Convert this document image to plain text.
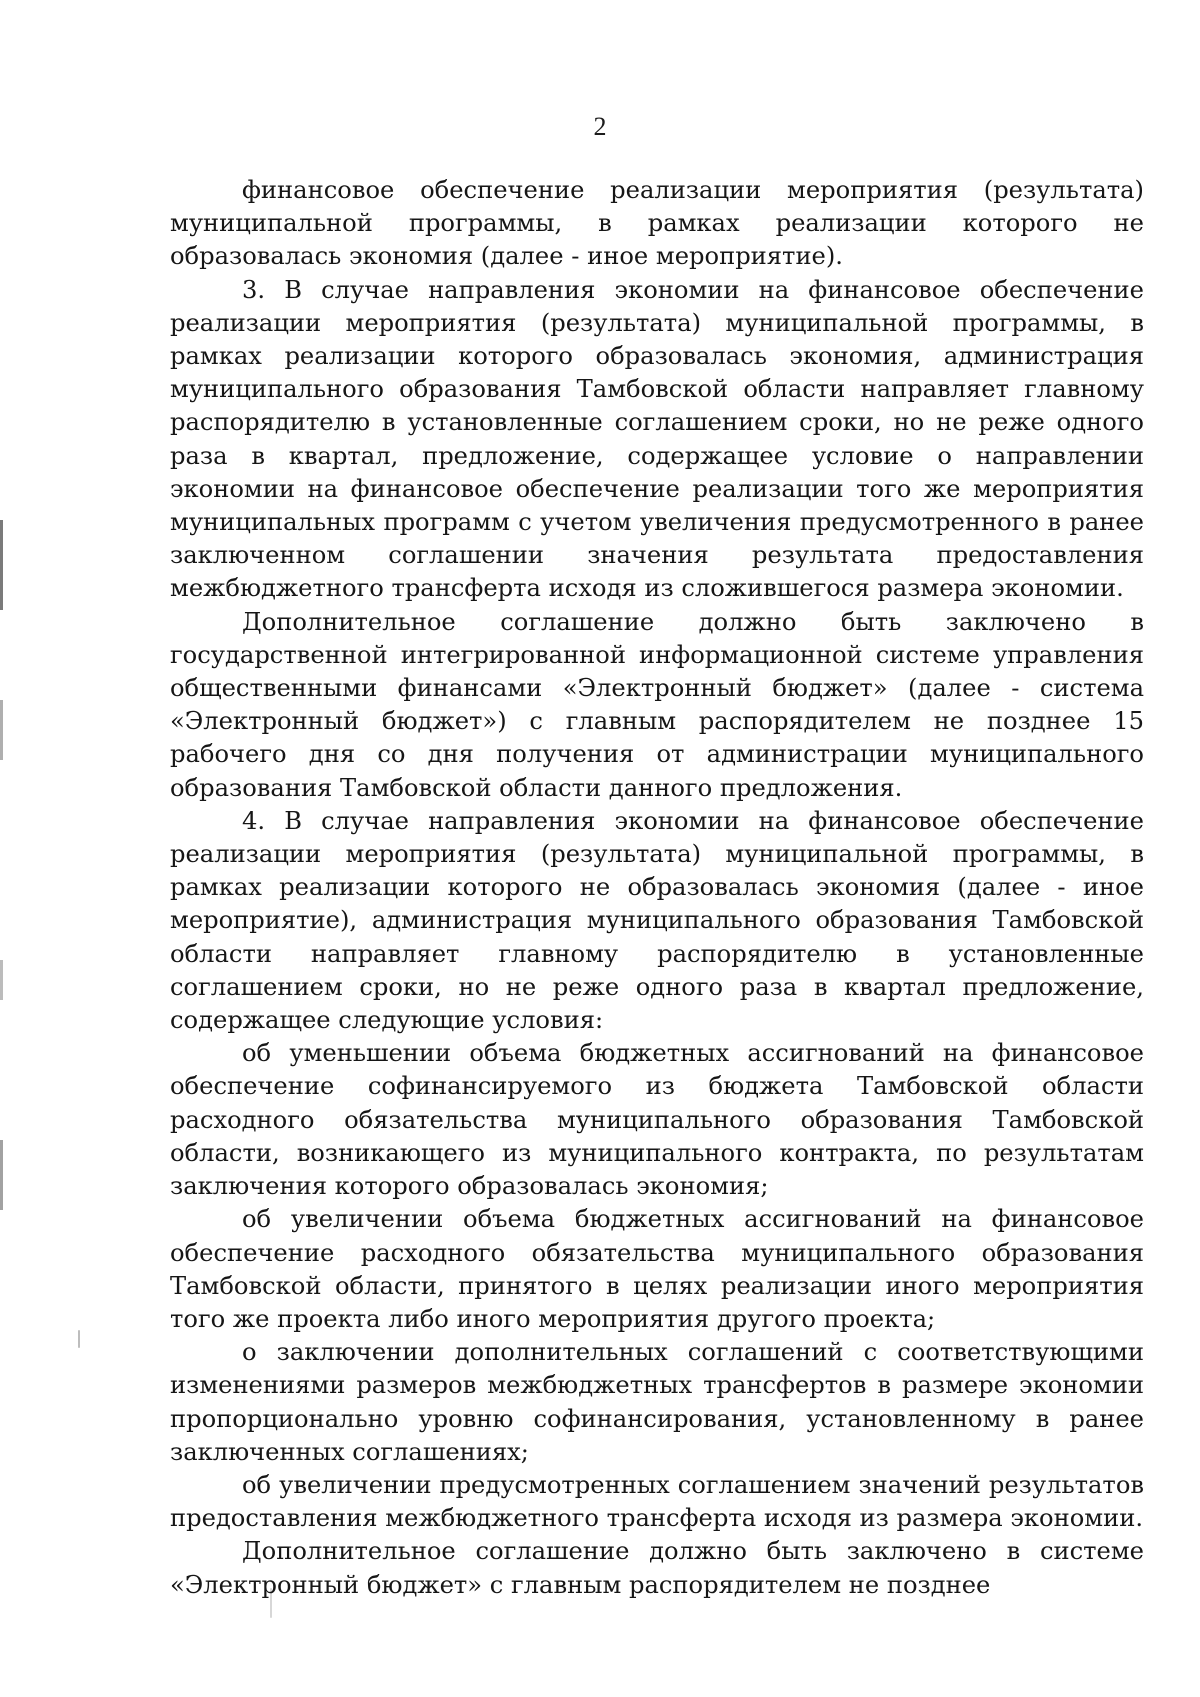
2

финансовое обеспечение реализации мероприятия (результата) муниципальной программы, в рамках реализации которого не образовалась экономия (далее - иное мероприятие).

3. В случае направления экономии на финансовое обеспечение реализации мероприятия (результата) муниципальной программы, в рамках реализации которого образовалась экономия, администрация муниципального образования Тамбовской области направляет главному распорядителю в установленные соглашением сроки, но не реже одного раза в квартал, предложение, содержащее условие о направлении экономии на финансовое обеспечение реализации того же мероприятия муниципальных программ с учетом увеличения предусмотренного в ранее заключенном соглашении значения результата предоставления межбюджетного трансферта исходя из сложившегося размера экономии.

Дополнительное соглашение должно быть заключено в государственной интегрированной информационной системе управления общественными финансами «Электронный бюджет» (далее - система «Электронный бюджет») с главным распорядителем не позднее 15 рабочего дня со дня получения от администрации муниципального образования Тамбовской области данного предложения.

4. В случае направления экономии на финансовое обеспечение реализации мероприятия (результата) муниципальной программы, в рамках реализации которого не образовалась экономия (далее - иное мероприятие), администрация муниципального образования Тамбовской области направляет главному распорядителю в установленные соглашением сроки, но не реже одного раза в квартал предложение, содержащее следующие условия:

об уменьшении объема бюджетных ассигнований на финансовое обеспечение софинансируемого из бюджета Тамбовской области расходного обязательства муниципального образования Тамбовской области, возникающего из муниципального контракта, по результатам заключения которого образовалась экономия;

об увеличении объема бюджетных ассигнований на финансовое обеспечение расходного обязательства муниципального образования Тамбовской области, принятого в целях реализации иного мероприятия того же проекта либо иного мероприятия другого проекта;

о заключении дополнительных соглашений с соответствующими изменениями размеров межбюджетных трансфертов в размере экономии пропорционально уровню софинансирования, установленному в ранее заключенных соглашениях;

об увеличении предусмотренных соглашением значений результатов предоставления межбюджетного трансферта исходя из размера экономии.

Дополнительное соглашение должно быть заключено в системе «Электронный бюджет» с главным распорядителем не позднее
